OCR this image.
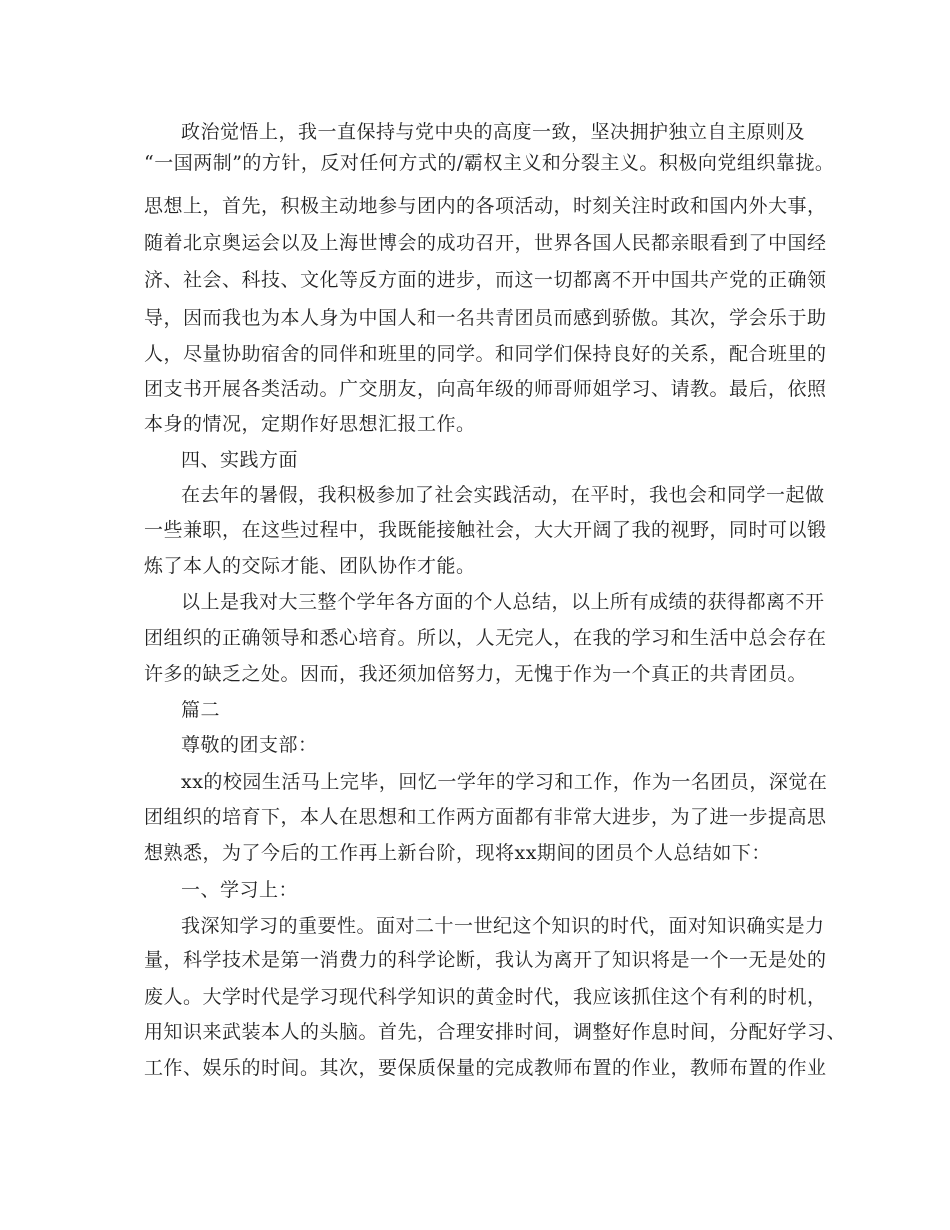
政治觉悟上，我一直保持与党中央的高度一致，坚决拥护独立自主原则及
“一国两制”的方针，反对任何方式的/霸权主义和分裂主义。积极向党组织靠拢。
思想上，首先，积极主动地参与团内的各项活动，时刻关注时政和国内外大事，
随着北京奥运会以及上海世博会的成功召开，世界各国人民都亲眼看到了中国经
济、社会、科技、文化等反方面的进步，而这一切都离不开中国共产党的正确领
导，因而我也为本人身为中国人和一名共青团员而感到骄傲。其次，学会乐于助
人，尽量协助宿舍的同伴和班里的同学。和同学们保持良好的关系，配合班里的
团支书开展各类活动。广交朋友，向高年级的师哥师姐学习、请教。最后，依照
本身的情况，定期作好思想汇报工作。
四、实践方面
在去年的暑假，我积极参加了社会实践活动，在平时，我也会和同学一起做
一些兼职，在这些过程中，我既能接触社会，大大开阔了我的视野，同时可以锻
炼了本人的交际才能、团队协作才能。
以上是我对大三整个学年各方面的个人总结，以上所有成绩的获得都离不开
团组织的正确领导和悉心培育。所以，人无完人，在我的学习和生活中总会存在
许多的缺乏之处。因而，我还须加倍努力，无愧于作为一个真正的共青团员。
篇二
尊敬的团支部：
xx的校园生活马上完毕，回忆一学年的学习和工作，作为一名团员，深觉在
团组织的培育下，本人在思想和工作两方面都有非常大进步，为了进一步提高思
想熟悉，为了今后的工作再上新台阶，现将xx期间的团员个人总结如下：
一、学习上：
我深知学习的重要性。面对二十一世纪这个知识的时代，面对知识确实是力
量，科学技术是第一消费力的科学论断，我认为离开了知识将是一个一无是处的
废人。大学时代是学习现代科学知识的黄金时代，我应该抓住这个有利的时机，
用知识来武装本人的头脑。首先，合理安排时间，调整好作息时间，分配好学习、
工作、娱乐的时间。其次，要保质保量的完成教师布置的作业，教师布置的作业
